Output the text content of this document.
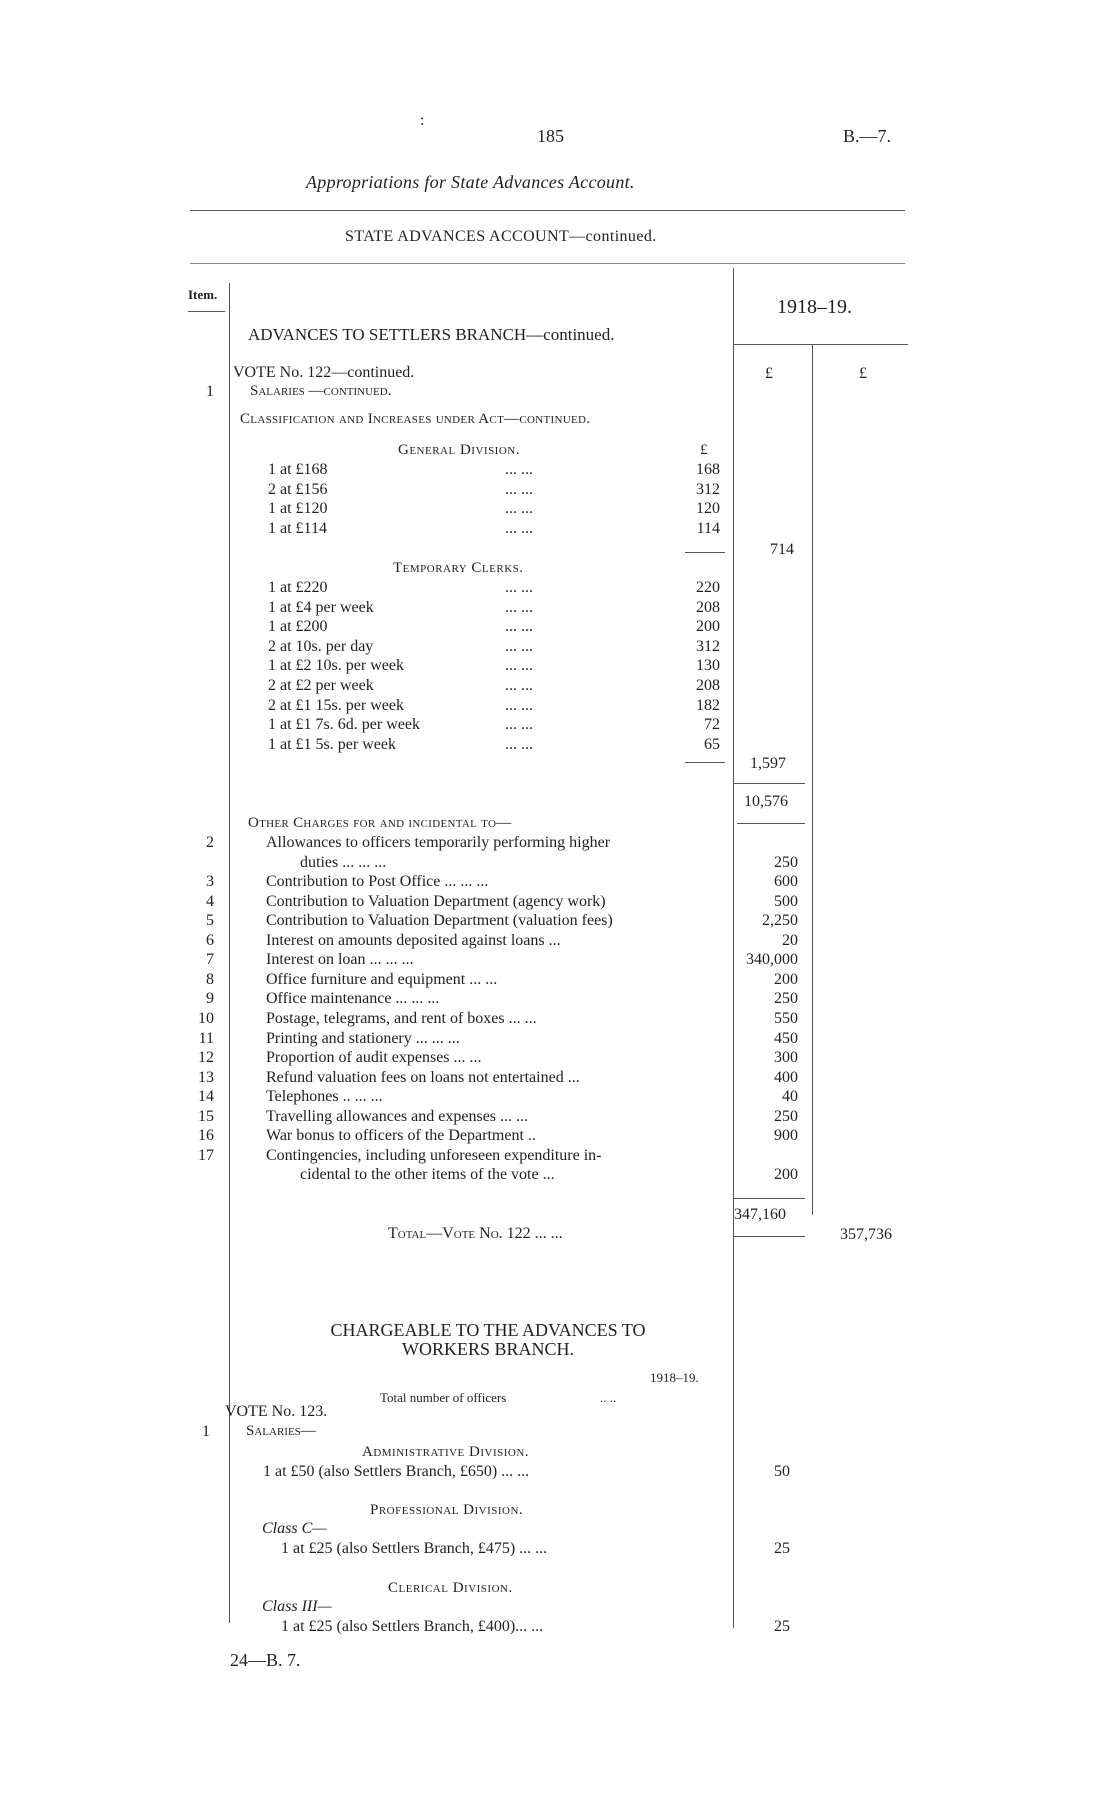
:
185	B.—7.
Appropriations for State Advances Account.
STATE ADVANCES ACCOUNT—continued.
Item.
1918–19.
£	£
ADVANCES TO SETTLERS BRANCH—continued.
VOTE No. 122—continued.
1 Salaries —continued.
Classification and Increases under Act—continued.
General Division.	£
1 at £168	... ...	168
2 at £156	... ...	312
1 at £120	... ...	120
1 at £114	... ...	114
714
Temporary Clerks.
1 at £220	... ...	220
1 at £4 per week	... ...	208
1 at £200	... ...	200
2 at 10s. per day	... ...	312
1 at £2 10s. per week	... ...	130
2 at £2 per week	... ...	208
2 at £1 15s. per week	... ...	182
1 at £1 7s. 6d. per week	... ...	72
1 at £1 5s. per week	... ...	65
1,597
10,576
Other Charges for and incidental to—
2	Allowances to officers temporarily performing higher
duties ... ... ...	250
3	Contribution to Post Office ... ... ...	600
4	Contribution to Valuation Department (agency work)	500
5	Contribution to Valuation Department (valuation fees)	2,250
6	Interest on amounts deposited against loans ...	20
7	Interest on loan ... ... ...	340,000
8	Office furniture and equipment ... ...	200
9	Office maintenance ... ... ...	250
10	Postage, telegrams, and rent of boxes ... ...	550
11	Printing and stationery ... ... ...	450
12	Proportion of audit expenses ... ...	300
13	Refund valuation fees on loans not entertained ...	400
14	Telephones .. ... ...	40
15	Travelling allowances and expenses ... ...	250
16	War bonus to officers of the Department ..	900
17	Contingencies, including unforeseen expenditure in-
cidental to the other items of the vote ...	200
347,160
Total—Vote No. 122 ... ...	357,736
CHARGEABLE TO THE ADVANCES TO
WORKERS BRANCH.
1918–19.
Total number of officers	.. ..
VOTE No. 123.
1 Salaries—
Administrative Division.
1 at £50 (also Settlers Branch, £650) ... ...	50
Professional Division.
Class C—
1 at £25 (also Settlers Branch, £475) ... ...	25
Clerical Division.
Class III—
1 at £25 (also Settlers Branch, £400)... ...	25
24—B. 7.
